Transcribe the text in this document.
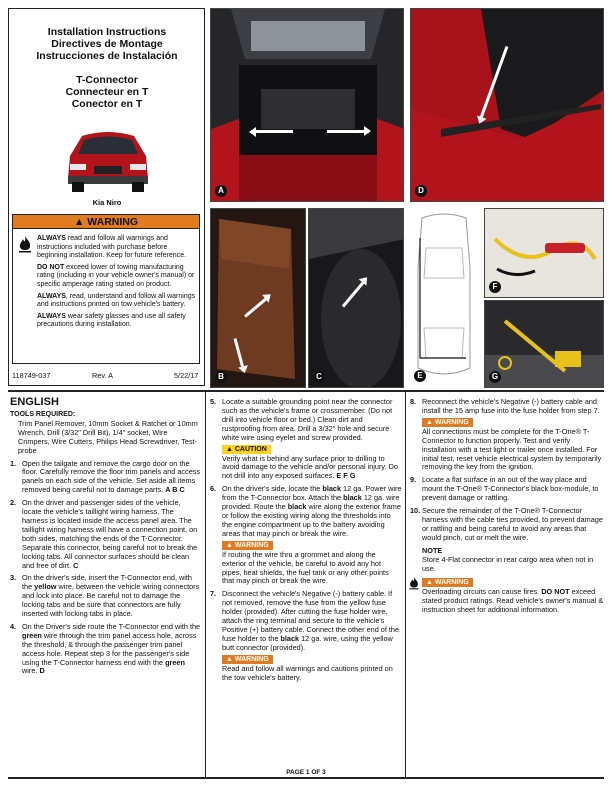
Installation Instructions
Directives de Montage
Instrucciones de Instalación
T-Connector
Connecteur en T
Conector en T
Kia Niro
▲ WARNING
ALWAYS read and follow all warnings and instructions included with purchase before beginning installation. Keep for future reference.
DO NOT exceed lower of towing manufacturing rating (including in your vehicle owner's manual) or specific amperage rating stated on product.
ALWAYS, read, understand and follow all warnings and instructions printed on tow vehicle's battery.
ALWAYS wear safety glasses and use all safety precautions during installation.
118749-037	Rev. A	5/22/17
A	D
B	C	E
F
G
ENGLISH
TOOLS REQUIRED:
Trim Panel Remover, 10mm Socket & Ratchet or 10mm Wrench, Drill (3/32" Drill Bit), 1/4" socket, Wire Crimpers, Wire Cutters, Philips Head Screwdriver, Test-probe
1. Open the tailgate and remove the cargo door on the floor. Carefully remove the floor trim panels and access panels on each side of the vehicle. Set aside all items removed being careful not to damage parts. A B C
2. On the driver and passenger sides of the vehicle, locate the vehicle's taillight wiring harness. The harness is located inside the access panel area. The taillight wiring harness will have a connection point, on both sides, matching the ends of the T-Connector. Separate this connector, being careful not to break the locking tabs. All connector surfaces should be clean and free of dirt. C
3. On the driver's side, insert the T-Connector end, with the yellow wire, between the vehicle wiring connectors and lock into place. Be careful not to damage the locking tabs and be sure that connectors are fully inserted with locking tabs in place.
4. On the Driver's side route the T-Connector end with the green wire through the trim panel access hole, across the threshold, & through the passenger trim panel access hole. Repeat step 3 for the passenger's side using the T-Connector harness end with the green wire. D
5. Locate a suitable grounding point near the connector such as the vehicle's frame or crossmember. (Do not drill into vehicle floor or bed.) Clean dirt and rustproofing from area. Drill a 3/32" hole and secure white wire using eyelet and screw provided.
▲ CAUTION
Verify what is behind any surface prior to drilling to avoid damage to the vehicle and/or personal injury. Do not drill into any exposed surfaces. E F G
6. On the driver's side, locate the black 12 ga. Power wire from the T-Connector box. Attach the black 12 ga. wire provided. Route the black wire along the exterior frame or follow the existing wiring along the thresholds into the engine compartment up to the battery avoiding areas that may pinch or break the wire.
▲ WARNING
If routing the wire thru a grommet and along the exterior of the vehicle, be careful to avoid any hot pipes, heat shields, the fuel tank or any other points that may pinch or break the wire.
7. Disconnect the vehicle's Negative (-) battery cable. If not removed, remove the fuse from the yellow fuse holder (provided). After cutting the fuse holder wire, attach the ring terminal and secure to the vehicle's Positive (+) battery cable. Connect the other end of the fuse holder to the black 12 ga. wire, using the yellow butt connector (provided).
▲ WARNING
Read and follow all warnings and cautions printed on the tow vehicle's battery.
8. Reconnect the vehicle's Negative (-) battery cable and install the 15 amp fuse into the fuse holder from step 7.
▲ WARNING
All connections must be complete for the T-One® T-Connector to function properly. Test and verify installation with a test light or trailer once installed. For initial test, reset vehicle electrical system by temporarily removing the key from the ignition.
9. Locate a flat surface in an out of the way place and mount the T-One® T-Connector's black box-module, to prevent damage or rattling.
10. Secure the remainder of the T-One® T-Connector harness with the cable ties provided, to prevent damage or rattling and being careful to avoid any areas that would pinch, cut or melt the wire.
NOTE
Store 4-Flat connector in rear cargo area when not in use.
▲ WARNING
Overloading circuits can cause fires. DO NOT exceed stated product ratings. Read vehicle's owner's manual & instruction sheet for additional information.
PAGE 1 OF 3
